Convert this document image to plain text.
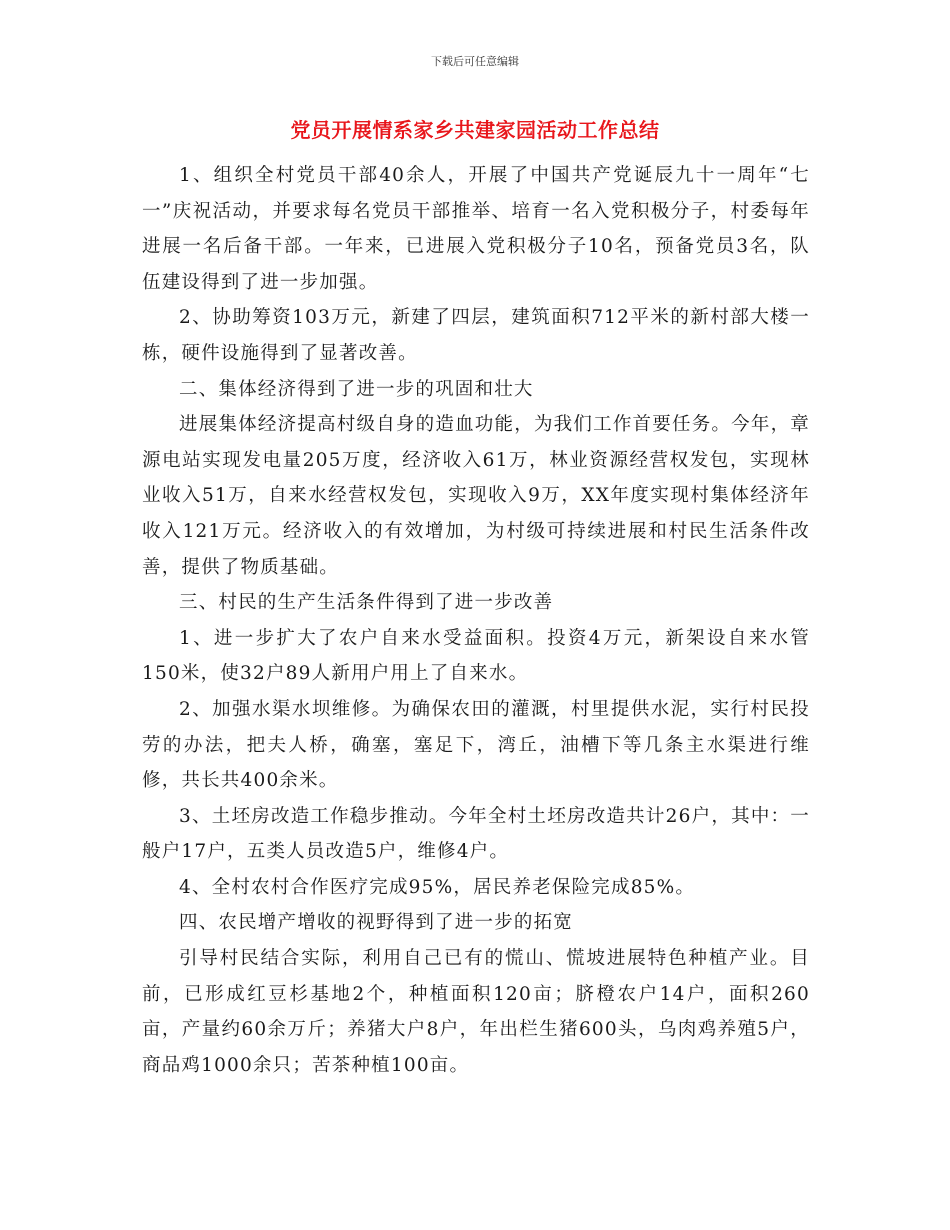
下载后可任意编辑
党员开展情系家乡共建家园活动工作总结

1、组织全村党员干部40余人，开展了中国共产党诞辰九十一周年“七一”庆祝活动，并要求每名党员干部推举、培育一名入党积极分子，村委每年进展一名后备干部。一年来，已进展入党积极分子10名，预备党员3名，队伍建设得到了进一步加强。

2、协助筹资103万元，新建了四层，建筑面积712平米的新村部大楼一栋，硬件设施得到了显著改善。

二、集体经济得到了进一步的巩固和壮大

进展集体经济提高村级自身的造血功能，为我们工作首要任务。今年，章源电站实现发电量205万度，经济收入61万，林业资源经营权发包，实现林业收入51万，自来水经营权发包，实现收入9万，XX年度实现村集体经济年收入121万元。经济收入的有效增加，为村级可持续进展和村民生活条件改善，提供了物质基础。

三、村民的生产生活条件得到了进一步改善

1、进一步扩大了农户自来水受益面积。投资4万元，新架设自来水管150米，使32户89人新用户用上了自来水。

2、加强水渠水坝维修。为确保农田的灌溉，村里提供水泥，实行村民投劳的办法，把夫人桥，确塞，塞足下，湾丘，油槽下等几条主水渠进行维修，共长共400余米。

3、土坯房改造工作稳步推动。今年全村土坯房改造共计26户，其中：一般户17户，五类人员改造5户，维修4户。

4、全村农村合作医疗完成95%，居民养老保险完成85%。

四、农民增产增收的视野得到了进一步的拓宽

引导村民结合实际，利用自己已有的慌山、慌坡进展特色种植产业。目前，已形成红豆杉基地2个，种植面积120亩；脐橙农户14户，面积260亩，产量约60余万斤；养猪大户8户，年出栏生猪600头，乌肉鸡养殖5户，商品鸡1000余只；苦茶种植100亩。
